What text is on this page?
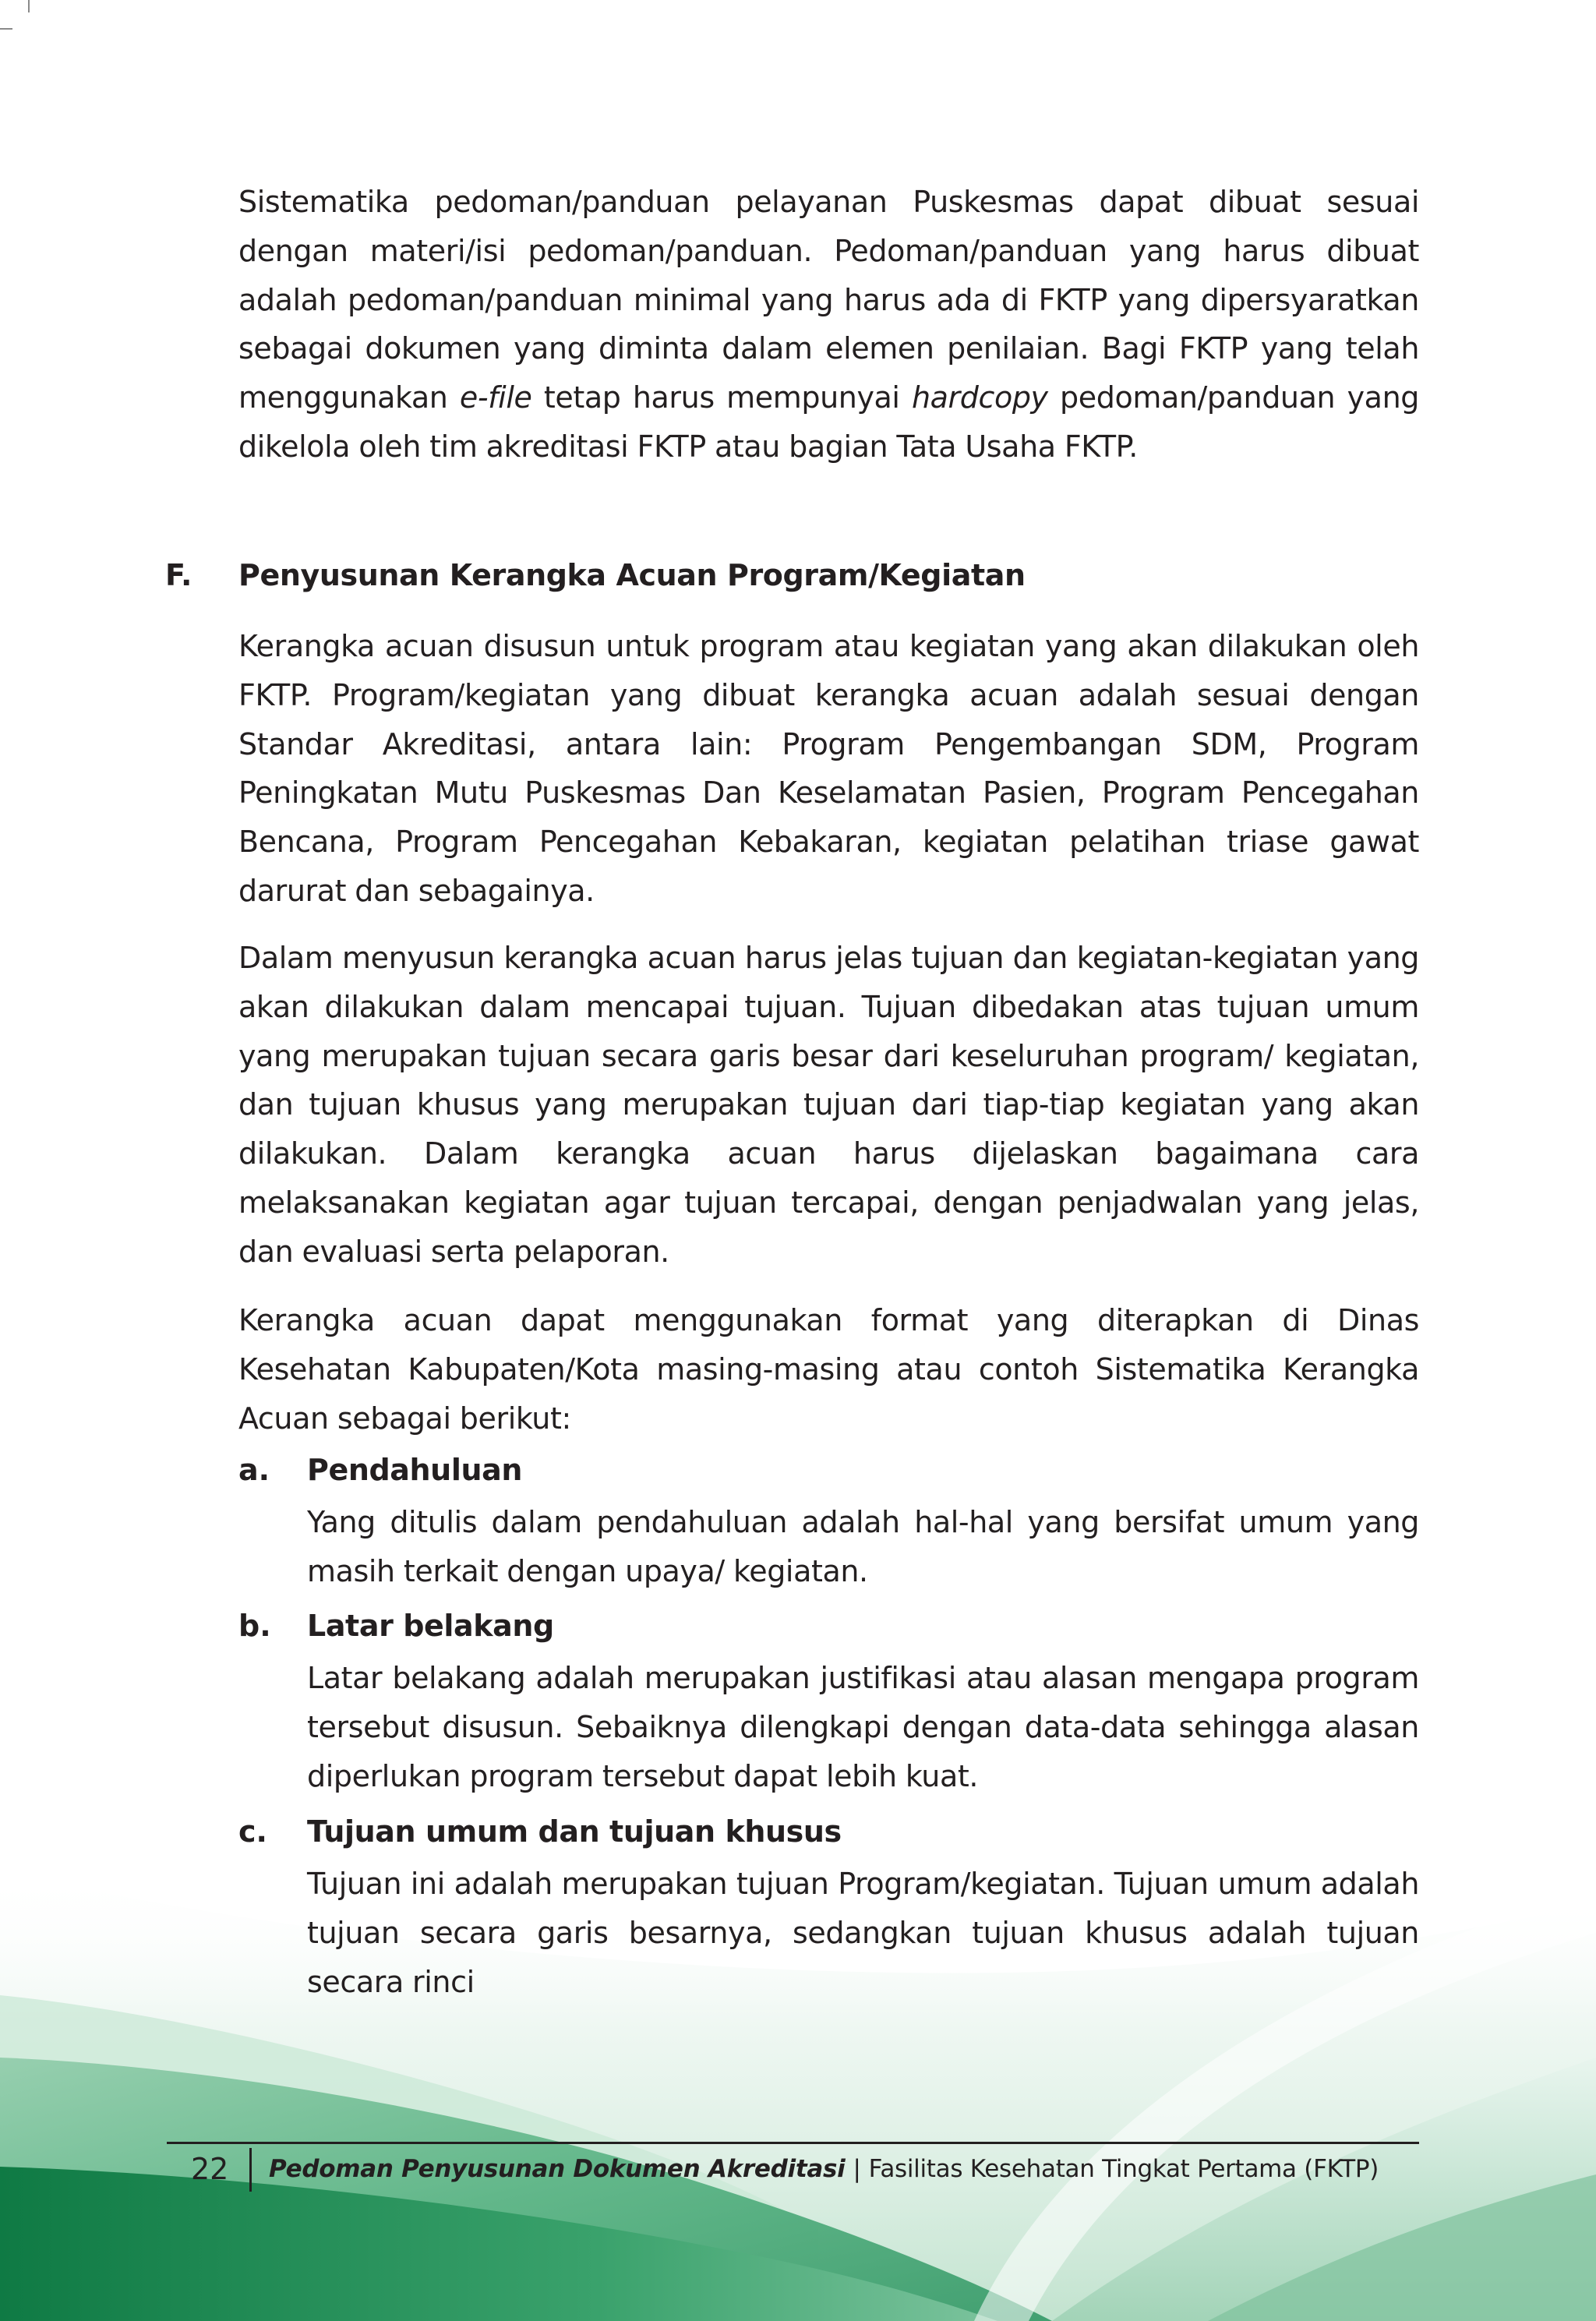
Sistematika pedoman/panduan pelayanan Puskesmas dapat dibuat sesuai dengan materi/isi pedoman/panduan. Pedoman/panduan yang harus dibuat adalah pedoman/panduan minimal yang harus ada di FKTP yang dipersyaratkan sebagai dokumen yang diminta dalam elemen penilaian. Bagi FKTP yang telah menggunakan e-file tetap harus mempunyai hardcopy pedoman/panduan yang dikelola oleh tim akreditasi FKTP atau bagian Tata Usaha FKTP.

F. Penyusunan Kerangka Acuan Program/Kegiatan

Kerangka acuan disusun untuk program atau kegiatan yang akan dilakukan oleh FKTP. Program/kegiatan yang dibuat kerangka acuan adalah sesuai dengan Standar Akreditasi, antara lain: Program Pengembangan SDM, Program Peningkatan Mutu Puskesmas Dan Keselamatan Pasien, Program Pencegahan Bencana, Program Pencegahan Kebakaran, kegiatan pelatihan triase gawat darurat dan sebagainya.

Dalam menyusun kerangka acuan harus jelas tujuan dan kegiatan-kegiatan yang akan dilakukan dalam mencapai tujuan. Tujuan dibedakan atas tujuan umum yang merupakan tujuan secara garis besar dari keseluruhan program/ kegiatan, dan tujuan khusus yang merupakan tujuan dari tiap-tiap kegiatan yang akan dilakukan. Dalam kerangka acuan harus dijelaskan bagaimana cara melaksanakan kegiatan agar tujuan tercapai, dengan penjadwalan yang jelas, dan evaluasi serta pelaporan.

Kerangka acuan dapat menggunakan format yang diterapkan di Dinas Kesehatan Kabupaten/Kota masing-masing atau contoh Sistematika Kerangka Acuan sebagai berikut:

a. Pendahuluan

Yang ditulis dalam pendahuluan adalah hal-hal yang bersifat umum yang masih terkait dengan upaya/ kegiatan.

b. Latar belakang

Latar belakang adalah merupakan justifikasi atau alasan mengapa program tersebut disusun. Sebaiknya dilengkapi dengan data-data sehingga alasan diperlukan program tersebut dapat lebih kuat.

c. Tujuan umum dan tujuan khusus

Tujuan ini adalah merupakan tujuan Program/kegiatan. Tujuan umum adalah tujuan secara garis besarnya, sedangkan tujuan khusus adalah tujuan secara rinci

22 Pedoman Penyusunan Dokumen Akreditasi | Fasilitas Kesehatan Tingkat Pertama (FKTP)
